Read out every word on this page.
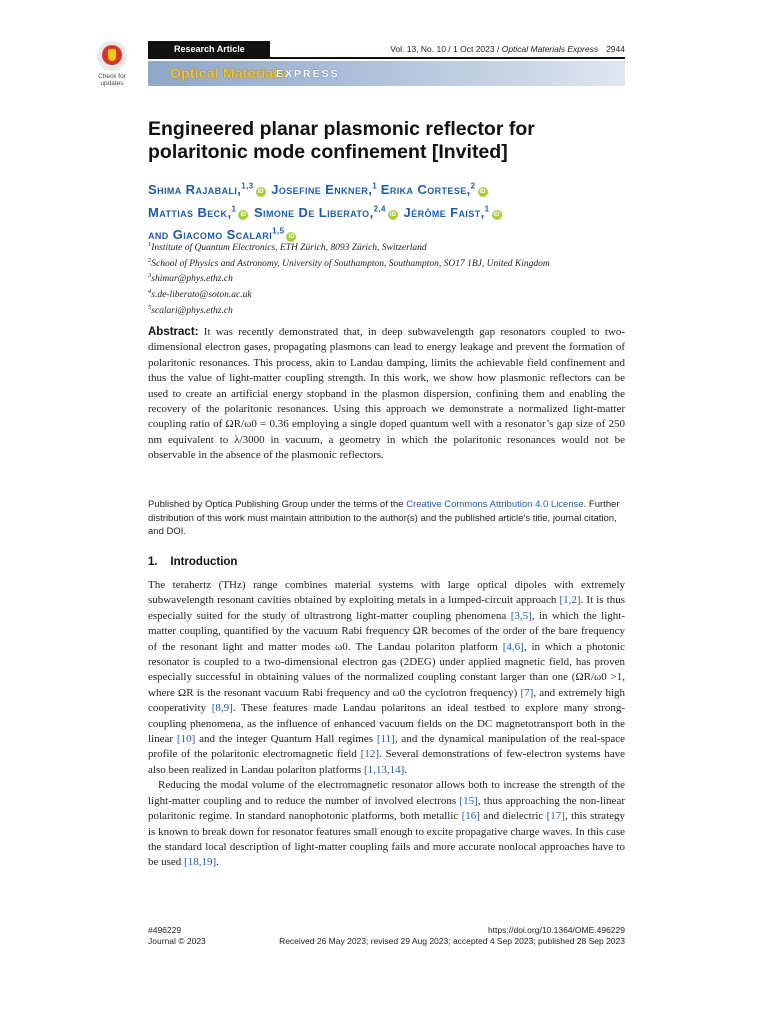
Check for
updates
Research Article	Vol. 13, No. 10 / 1 Oct 2023 / Optical Materials Express 2944
Optical Materials
EXPRESS
Engineered planar plasmonic reflector for polaritonic mode confinement [Invited]
Shima Rajabali,$^{1,3}$iD Josefine Enkner,$^1$ Erika Cortese,$^2$iD
Mattias Beck,$^1$iD Simone De Liberato,$^{2,4}$iD Jérôme Faist,$^1$iD
and Giacomo Scalari$^{1,5}$iD
$^1$Institute of Quantum Electronics, ETH Zürich, 8093 Zürich, Switzerland
$^2$School of Physics and Astronomy, University of Southampton, Southampton, SO17 1BJ, United Kingdom
$^3$shimar@phys.ethz.ch
$^4$s.de-liberato@soton.ac.uk
$^5$scalari@phys.ethz.ch
Abstract: It was recently demonstrated that, in deep subwavelength gap resonators coupled to two-dimensional electron gases, propagating plasmons can lead to energy leakage and prevent the formation of polaritonic resonances. This process, akin to Landau damping, limits the achievable field confinement and thus the value of light-matter coupling strength. In this work, we show how plasmonic reflectors can be used to create an artificial energy stopband in the plasmon dispersion, confining them and enabling the recovery of the polaritonic resonances. Using this approach we demonstrate a normalized light-matter coupling ratio of ΩR/ω0 = 0.36 employing a single doped quantum well with a resonator’s gap size of 250 nm equivalent to λ/3000 in vacuum, a geometry in which the polaritonic resonances would not be observable in the absence of the plasmonic reflectors.
Published by Optica Publishing Group under the terms of the Creative Commons Attribution 4.0 License. Further distribution of this work must maintain attribution to the author(s) and the published article’s title, journal citation, and DOI.
1.    Introduction

The terahertz (THz) range combines material systems with large optical dipoles with extremely subwavelength resonant cavities obtained by exploiting metals in a lumped-circuit approach [1,2]. It is thus especially suited for the study of ultrastrong light-matter coupling phenomena [3,5], in which the light-matter coupling, quantified by the vacuum Rabi frequency ΩR becomes of the order of the bare frequency of the resonant light and matter modes ω0. The Landau polariton platform [4,6], in which a photonic resonator is coupled to a two-dimensional electron gas (2DEG) under applied magnetic field, has proven especially successful in obtaining values of the normalized coupling constant larger than one (ΩR/ω0 >1, where ΩR is the resonant vacuum Rabi frequency and ω0 the cyclotron frequency) [7], and extremely high cooperativity [8,9]. These features made Landau polaritons an ideal testbed to explore many strong-coupling phenomena, as the influence of enhanced vacuum fields on the DC magnetotransport both in the linear [10] and the integer Quantum Hall regimes [11], and the dynamical manipulation of the real-space profile of the polaritonic electromagnetic field [12]. Several demonstrations of few-electron systems have also been realized in Landau polariton platforms [1,13,14].

Reducing the modal volume of the electromagnetic resonator allows both to increase the strength of the light-matter coupling and to reduce the number of involved electrons [15], thus approaching the non-linear polaritonic regime. In standard nanophotonic platforms, both metallic [16] and dielectric [17], this strategy is known to break down for resonator features small enough to excite propagative charge waves. In this case the standard local description of light-matter coupling fails and more accurate nonlocal approaches have to be used [18,19].

#496229
Journal © 2023
https://doi.org/10.1364/OME.496229
Received 26 May 2023; revised 29 Aug 2023; accepted 4 Sep 2023; published 28 Sep 2023
